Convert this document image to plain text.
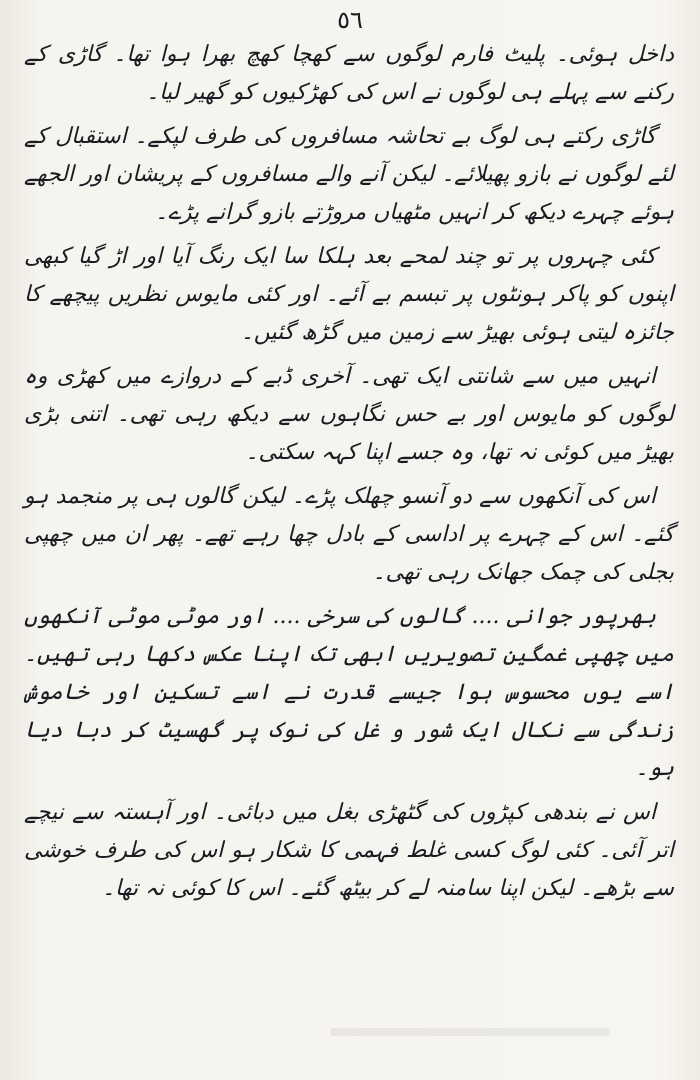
٥٦

داخل ہوئی۔ پلیٹ فارم لوگوں سے کھچا کھچ بھرا ہوا تھا۔ گاڑی کے رکنے سے پہلے ہی لوگوں نے اس کی کھڑکیوں کو گھیر لیا۔

گاڑی رکتے ہی لوگ بے تحاشہ مسافروں کی طرف لپکے۔ استقبال کے لئے لوگوں نے بازو پھیلائے۔ لیکن آنے والے مسافروں کے پریشان اور الجھے ہوئے چہرے دیکھ کر انہیں مٹھیاں مروڑتے بازو گرانے پڑے۔

کئی چہروں پر تو چند لمحے بعد ہلکا سا ایک رنگ آیا اور اڑ گیا کبھی اپنوں کو پاکر ہونٹوں پر تبسم بے آئے۔ اور کئی مایوس نظریں پیچھے کا جائزہ لیتی ہوئی بھیڑ سے زمین میں گڑھ گئیں۔

انہیں میں سے شانتی ایک تھی۔ آخری ڈبے کے دروازے میں کھڑی وہ لوگوں کو مایوس اور بے حس نگاہوں سے دیکھ رہی تھی۔ اتنی بڑی بھیڑ میں کوئی نہ تھا، وہ جسے اپنا کہہ سکتی۔

اس کی آنکھوں سے دو آنسو چھلک پڑے۔ لیکن گالوں ہی پر منجمد ہو گئے۔ اس کے چہرے پر اداسی کے بادل چھا رہے تھے۔ پھر ان میں چھپی بجلی کی چمک جھانک رہی تھی۔

بھرپور جوانی .... گالوں کی سرخی .... اور موٹی موٹی آنکھوں میں چھپی غمگین تصویریں ابھی تک اپنا عکس دکھا رہی تھیں۔ اسے یوں محسوس ہوا جیسے قدرت نے اسے تسکین اور خاموش زندگی سے نکال ایک شور و غل کی نوک پر گھسیٹ کر دبا دیا ہو۔

اس نے بندھی کپڑوں کی گٹھڑی بغل میں دبائی۔ اور آہستہ سے نیچے اتر آئی۔ کئی لوگ کسی غلط فہمی کا شکار ہو اس کی طرف خوشی سے بڑھے۔ لیکن اپنا سامنہ لے کر بیٹھ گئے۔ اس کا کوئی نہ تھا۔
